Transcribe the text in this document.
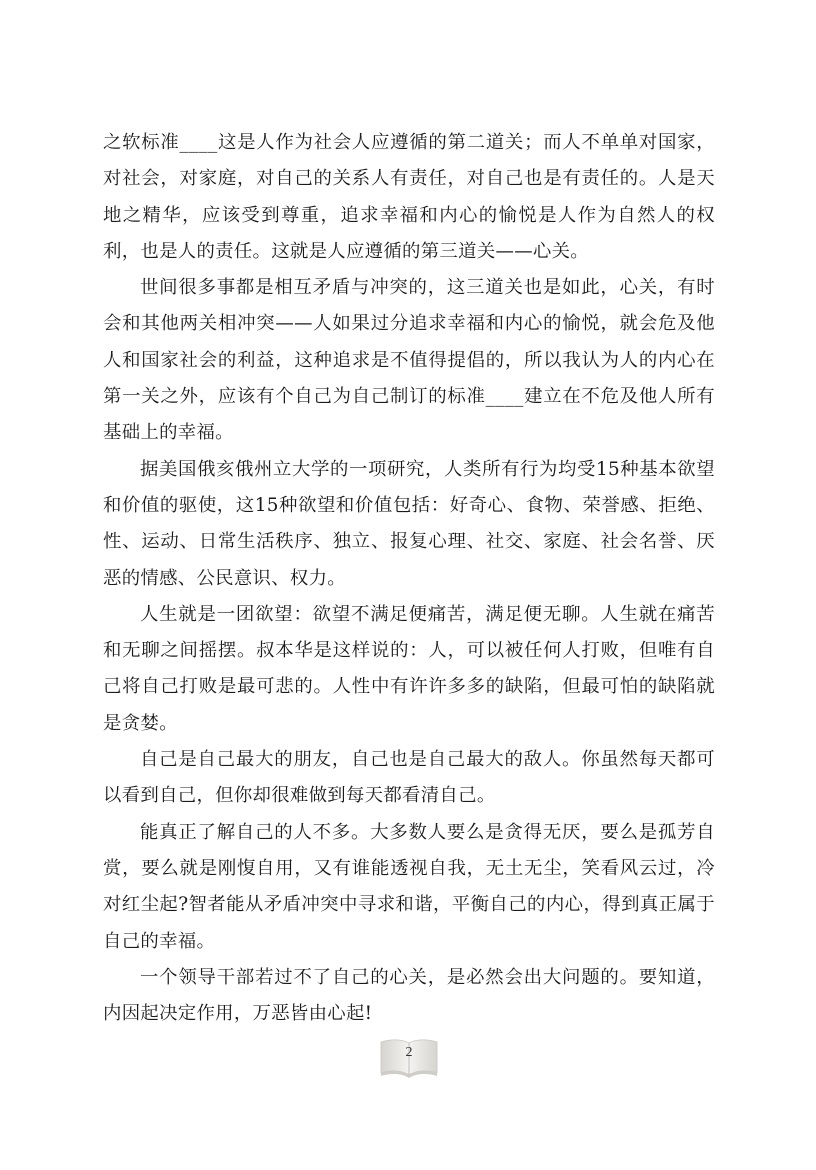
之软标准____这是人作为社会人应遵循的第二道关；而人不单单对国家，对社会，对家庭，对自己的关系人有责任，对自己也是有责任的。人是天地之精华，应该受到尊重，追求幸福和内心的愉悦是人作为自然人的权利，也是人的责任。这就是人应遵循的第三道关——心关。

世间很多事都是相互矛盾与冲突的，这三道关也是如此，心关，有时会和其他两关相冲突——人如果过分追求幸福和内心的愉悦，就会危及他人和国家社会的利益，这种追求是不值得提倡的，所以我认为人的内心在第一关之外，应该有个自己为自己制订的标准____建立在不危及他人所有基础上的幸福。

据美国俄亥俄州立大学的一项研究，人类所有行为均受15种基本欲望和价值的驱使，这15种欲望和价值包括：好奇心、食物、荣誉感、拒绝、性、运动、日常生活秩序、独立、报复心理、社交、家庭、社会名誉、厌恶的情感、公民意识、权力。

人生就是一团欲望：欲望不满足便痛苦，满足便无聊。人生就在痛苦和无聊之间摇摆。叔本华是这样说的：人，可以被任何人打败，但唯有自己将自己打败是最可悲的。人性中有许许多多的缺陷，但最可怕的缺陷就是贪婪。

自己是自己最大的朋友，自己也是自己最大的敌人。你虽然每天都可以看到自己，但你却很难做到每天都看清自己。

能真正了解自己的人不多。大多数人要么是贪得无厌，要么是孤芳自赏，要么就是刚愎自用，又有谁能透视自我，无土无尘，笑看风云过，冷对红尘起?智者能从矛盾冲突中寻求和谐，平衡自己的内心，得到真正属于自己的幸福。

一个领导干部若过不了自己的心关，是必然会出大问题的。要知道，内因起决定作用，万恶皆由心起!

2
